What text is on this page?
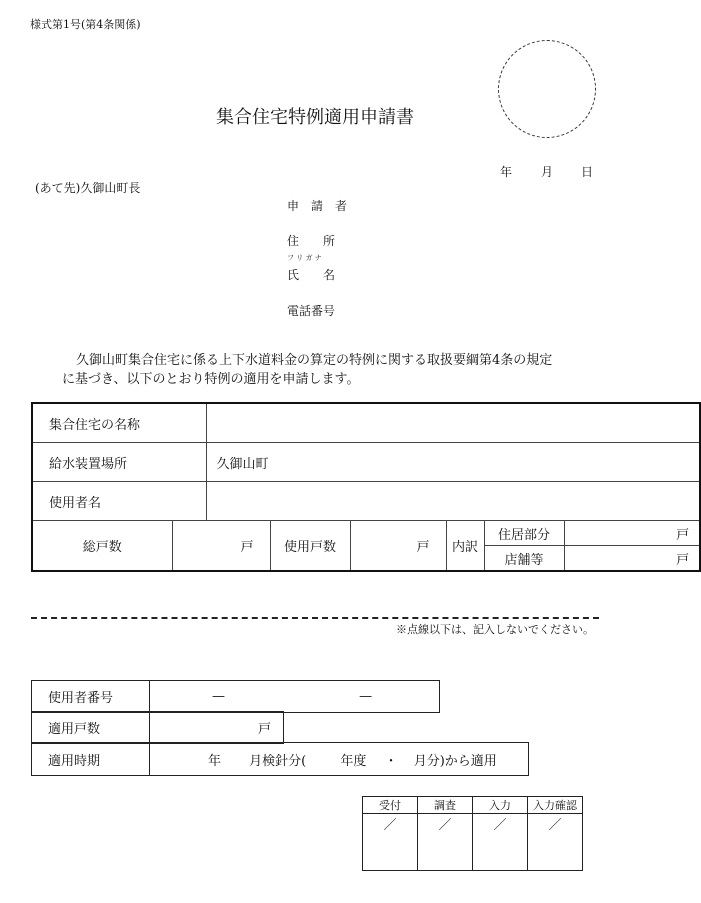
様式第1号(第4条関係)
集合住宅特例適用申請書
年 月 日
(あて先)久御山町長
申　請　者
住　　所
フ リ ガ ナ
氏　　名
電話番号
久御山町集合住宅に係る上下水道料金の算定の特例に関する取扱要綱第4条の規定
に基づき、以下のとおり特例の適用を申請します。
集合住宅の名称							

給水装置場所		久御山町					

使用者名							

総戸数	戸		使用戸数	戸	内訳	住居部分	戸
						店舗等	戸
※点線以下は、記入しないでください。
使用者番号	—	—
適用戸数	戸
適用時期	年 月検針分(	年度 ・ 月分)から適用
受付	調査	入力	入力確認
／	／	／	／
